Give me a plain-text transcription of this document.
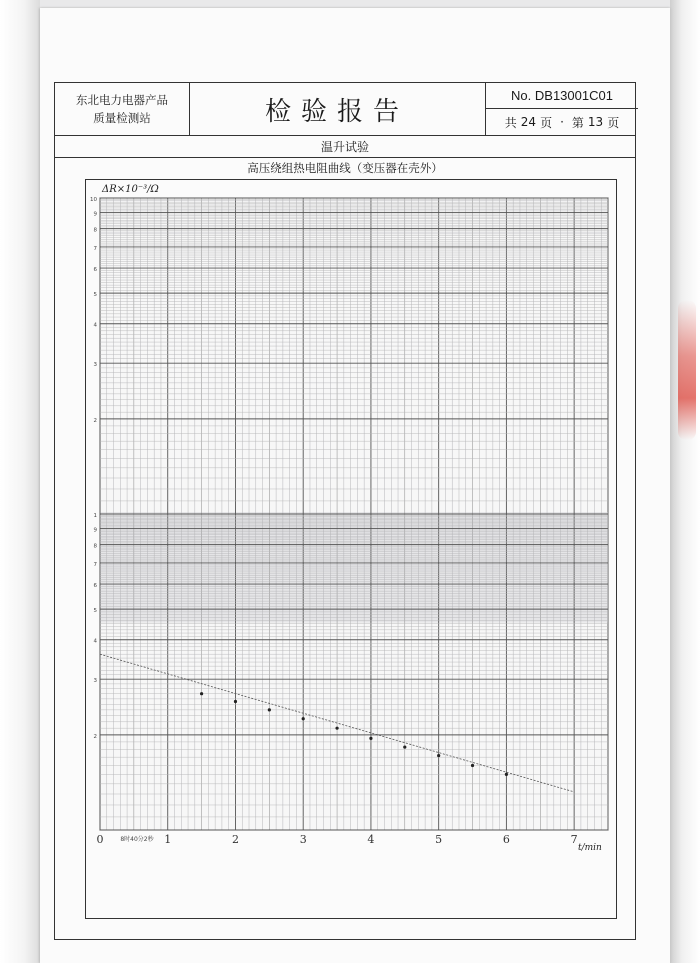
东北电力电器产品
质量检测站	检验报告
No. DB13001C01
共 24 页 · 第 13 页
温升试验
高压绕组热电阻曲线（变压器在壳外）
10
9
8
7
6
5
4
3
2
1
9
8
7
6
5
4
3
2
0	1	2	3	4	5	6	7
8时40分2秒
ΔR×10⁻³/Ω
t/min
